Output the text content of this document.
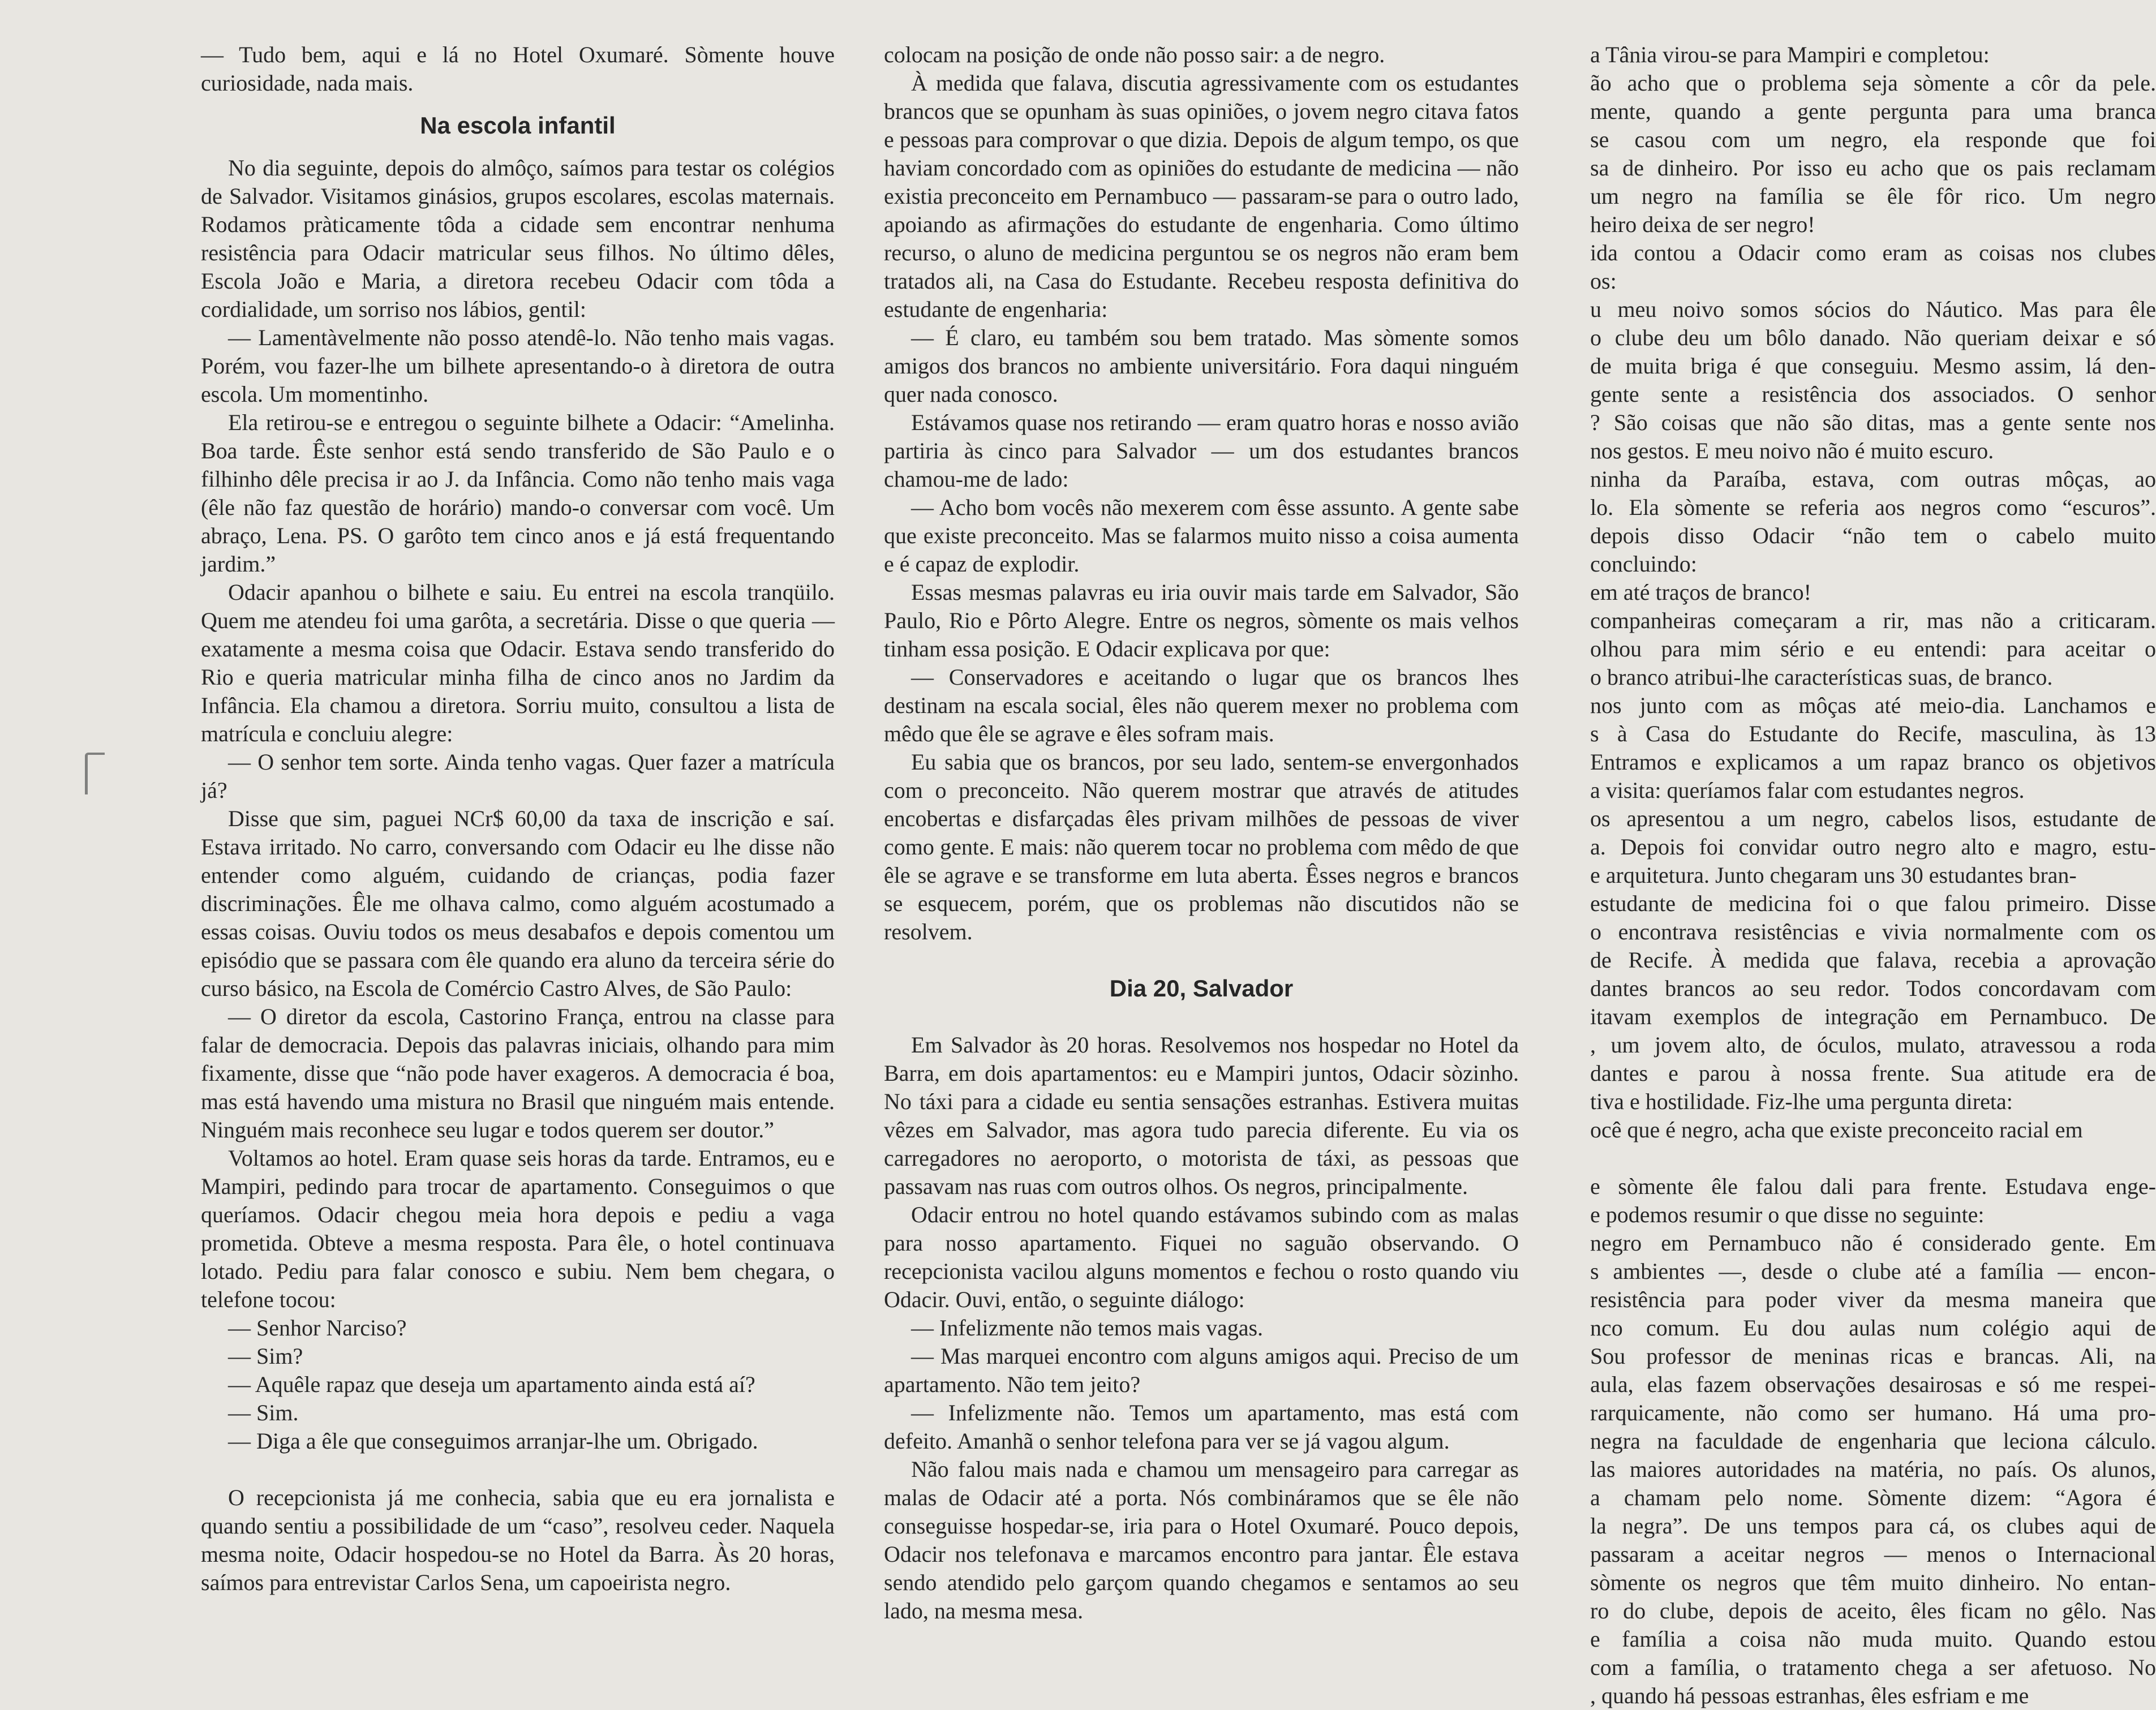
— Tudo bem, aqui e lá no Hotel Oxumaré. Sòmente houve curiosidade, nada mais.

Na escola infantil

No dia seguinte, depois do almôço, saímos para testar os colégios de Salvador. Visitamos ginásios, grupos escolares, escolas maternais. Rodamos pràticamente tôda a cidade sem encontrar nenhuma resistência para Odacir matricular seus filhos. No último dêles, Escola João e Maria, a diretora recebeu Odacir com tôda a cordialidade, um sorriso nos lábios, gentil:

— Lamentàvelmente não posso atendê-lo. Não tenho mais vagas. Porém, vou fazer-lhe um bilhete apresentando-o à diretora de outra escola. Um momentinho.

Ela retirou-se e entregou o seguinte bilhete a Odacir: “Amelinha. Boa tarde. Êste senhor está sendo transferido de São Paulo e o filhinho dêle precisa ir ao J. da Infância. Como não tenho mais vaga (êle não faz questão de horário) mando-o conversar com você. Um abraço, Lena. PS. O garôto tem cinco anos e já está frequentando jardim.”

Odacir apanhou o bilhete e saiu. Eu entrei na escola tranqüilo. Quem me atendeu foi uma garôta, a secretária. Disse o que queria — exatamente a mesma coisa que Odacir. Estava sendo transferido do Rio e queria matricular minha filha de cinco anos no Jardim da Infância. Ela chamou a diretora. Sorriu muito, consultou a lista de matrícula e concluiu alegre:

— O senhor tem sorte. Ainda tenho vagas. Quer fazer a matrícula já?

Disse que sim, paguei NCr$ 60,00 da taxa de inscrição e saí. Estava irritado. No carro, conversando com Odacir eu lhe disse não entender como alguém, cuidando de crianças, podia fazer discriminações. Êle me olhava calmo, como alguém acostumado a essas coisas. Ouviu todos os meus desabafos e depois comentou um episódio que se passara com êle quando era aluno da terceira série do curso básico, na Escola de Comércio Castro Alves, de São Paulo:

— O diretor da escola, Castorino França, entrou na classe para falar de democracia. Depois das palavras iniciais, olhando para mim fixamente, disse que “não pode haver exageros. A democracia é boa, mas está havendo uma mistura no Brasil que ninguém mais entende. Ninguém mais reconhece seu lugar e todos querem ser doutor.”

Voltamos ao hotel. Eram quase seis horas da tarde. Entramos, eu e Mampiri, pedindo para trocar de apartamento. Conseguimos o que queríamos. Odacir chegou meia hora depois e pediu a vaga prometida. Obteve a mesma resposta. Para êle, o hotel continuava lotado. Pediu para falar conosco e subiu. Nem bem chegara, o telefone tocou:

— Senhor Narciso?

— Sim?

— Aquêle rapaz que deseja um apartamento ainda está aí?

— Sim.

— Diga a êle que conseguimos arranjar-lhe um. Obrigado.

O recepcionista já me conhecia, sabia que eu era jornalista e quando sentiu a possibilidade de um “caso”, resolveu ceder. Naquela mesma noite, Odacir hospedou-se no Hotel da Barra. Às 20 horas, saímos para entrevistar Carlos Sena, um capoeirista negro.

colocam na posição de onde não posso sair: a de negro.

À medida que falava, discutia agressivamente com os estudantes brancos que se opunham às suas opiniões, o jovem negro citava fatos e pessoas para comprovar o que dizia. Depois de algum tempo, os que haviam concordado com as opiniões do estudante de medicina — não existia preconceito em Pernambuco — passaram-se para o outro lado, apoiando as afirmações do estudante de engenharia. Como último recurso, o aluno de medicina perguntou se os negros não eram bem tratados ali, na Casa do Estudante. Recebeu resposta definitiva do estudante de engenharia:

— É claro, eu também sou bem tratado. Mas sòmente somos amigos dos brancos no ambiente universitário. Fora daqui ninguém quer nada conosco.

Estávamos quase nos retirando — eram quatro horas e nosso avião partiria às cinco para Salvador — um dos estudantes brancos chamou-me de lado:

— Acho bom vocês não mexerem com êsse assunto. A gente sabe que existe preconceito. Mas se falarmos muito nisso a coisa aumenta e é capaz de explodir.

Essas mesmas palavras eu iria ouvir mais tarde em Salvador, São Paulo, Rio e Pôrto Alegre. Entre os negros, sòmente os mais velhos tinham essa posição. E Odacir explicava por que:

— Conservadores e aceitando o lugar que os brancos lhes destinam na escala social, êles não querem mexer no problema com mêdo que êle se agrave e êles sofram mais.

Eu sabia que os brancos, por seu lado, sentem-se envergonhados com o preconceito. Não querem mostrar que através de atitudes encobertas e disfarçadas êles privam milhões de pessoas de viver como gente. E mais: não querem tocar no problema com mêdo de que êle se agrave e se transforme em luta aberta. Êsses negros e brancos se esquecem, porém, que os problemas não discutidos não se resolvem.

Dia 20, Salvador

Em Salvador às 20 horas. Resolvemos nos hospedar no Hotel da Barra, em dois apartamentos: eu e Mampiri juntos, Odacir sòzinho. No táxi para a cidade eu sentia sensações estranhas. Estivera muitas vêzes em Salvador, mas agora tudo parecia diferente. Eu via os carregadores no aeroporto, o motorista de táxi, as pessoas que passavam nas ruas com outros olhos. Os negros, principalmente.

Odacir entrou no hotel quando estávamos subindo com as malas para nosso apartamento. Fiquei no saguão observando. O recepcionista vacilou alguns momentos e fechou o rosto quando viu Odacir. Ouvi, então, o seguinte diálogo:

— Infelizmente não temos mais vagas.

— Mas marquei encontro com alguns amigos aqui. Preciso de um apartamento. Não tem jeito?

— Infelizmente não. Temos um apartamento, mas está com defeito. Amanhã o senhor telefona para ver se já vagou algum.

Não falou mais nada e chamou um mensageiro para carregar as malas de Odacir até a porta. Nós combináramos que se êle não conseguisse hospedar-se, iria para o Hotel Oxumaré. Pouco depois, Odacir nos telefonava e marcamos encontro para jantar. Êle estava sendo atendido pelo garçom quando chegamos e sentamos ao seu lado, na mesma mesa.

a Tânia virou-se para Mampiri e completou:
ão acho que o problema seja sòmente a côr da pele.
mente, quando a gente pergunta para uma branca
se casou com um negro, ela responde que foi
sa de dinheiro. Por isso eu acho que os pais reclamam
um negro na família se êle fôr rico. Um negro
heiro deixa de ser negro!
ida contou a Odacir como eram as coisas nos clubes
os:
u meu noivo somos sócios do Náutico. Mas para êle
o clube deu um bôlo danado. Não queriam deixar e só
de muita briga é que conseguiu. Mesmo assim, lá den-
gente sente a resistência dos associados. O senhor
? São coisas que não são ditas, mas a gente sente nos
nos gestos. E meu noivo não é muito escuro.
ninha da Paraíba, estava, com outras môças, ao
lo. Ela sòmente se referia aos negros como “escuros”.
depois disso Odacir “não tem o cabelo muito
concluindo:
em até traços de branco!
companheiras começaram a rir, mas não a criticaram.
olhou para mim sério e eu entendi: para aceitar o
o branco atribui-lhe características suas, de branco.
nos junto com as môças até meio-dia. Lanchamos e
s à Casa do Estudante do Recife, masculina, às 13
Entramos e explicamos a um rapaz branco os objetivos
a visita: queríamos falar com estudantes negros.
os apresentou a um negro, cabelos lisos, estudante de
a. Depois foi convidar outro negro alto e magro, estu-
e arquitetura. Junto chegaram uns 30 estudantes bran-
estudante de medicina foi o que falou primeiro. Disse
o encontrava resistências e vivia normalmente com os
de Recife. À medida que falava, recebia a aprovação
dantes brancos ao seu redor. Todos concordavam com
itavam exemplos de integração em Pernambuco. De
, um jovem alto, de óculos, mulato, atravessou a roda
dantes e parou à nossa frente. Sua atitude era de
tiva e hostilidade. Fiz-lhe uma pergunta direta:
ocê que é negro, acha que existe preconceito racial em
e sòmente êle falou dali para frente. Estudava enge-
e podemos resumir o que disse no seguinte:
negro em Pernambuco não é considerado gente. Em
s ambientes —, desde o clube até a família — encon-
resistência para poder viver da mesma maneira que
nco comum. Eu dou aulas num colégio aqui de
Sou professor de meninas ricas e brancas. Ali, na
aula, elas fazem observações desairosas e só me respei-
rarquicamente, não como ser humano. Há uma pro-
negra na faculdade de engenharia que leciona cálculo.
las maiores autoridades na matéria, no país. Os alunos,
a chamam pelo nome. Sòmente dizem: “Agora é
la negra”. De uns tempos para cá, os clubes aqui de
passaram a aceitar negros — menos o Internacional
sòmente os negros que têm muito dinheiro. No entan-
ro do clube, depois de aceito, êles ficam no gêlo. Nas
e família a coisa não muda muito. Quando estou
com a família, o tratamento chega a ser afetuoso. No
, quando há pessoas estranhas, êles esfriam e me
